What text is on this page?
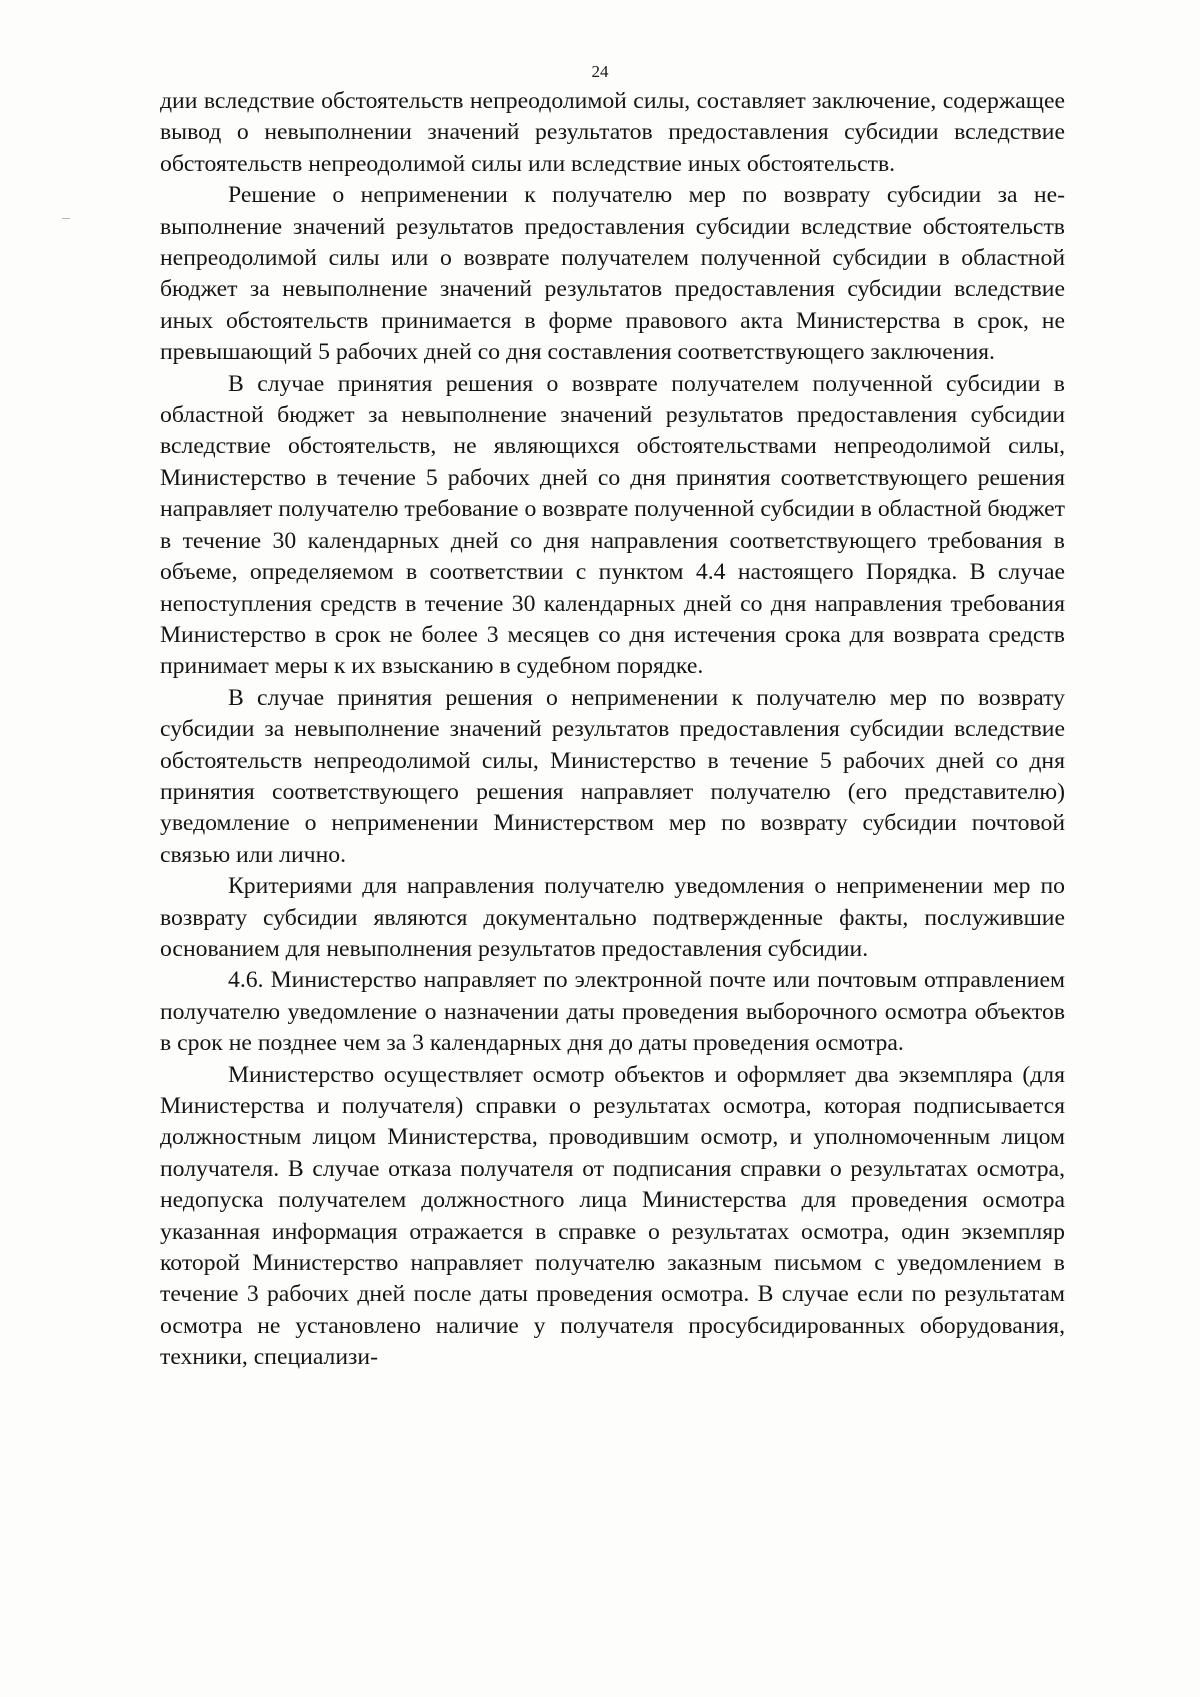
24

дии вследствие обстоятельств непреодолимой силы, составляет заключение, содержащее вывод о невыполнении значений результатов предоставления субсидии вследствие обстоятельств непреодолимой силы или вследствие иных обстоятельств.

Решение о неприменении к получателю мер по возврату субсидии за невыполнение значений результатов предоставления субсидии вследствие обстоятельств непреодолимой силы или о возврате получателем полученной субсидии в областной бюджет за невыполнение значений результатов предоставления субсидии вследствие иных обстоятельств принимается в форме правового акта Министерства в срок, не превышающий 5 рабочих дней со дня составления соответствующего заключения.

В случае принятия решения о возврате получателем полученной субсидии в областной бюджет за невыполнение значений результатов предоставления субсидии вследствие обстоятельств, не являющихся обстоятельствами непреодолимой силы, Министерство в течение 5 рабочих дней со дня принятия соответствующего решения направляет получателю требование о возврате полученной субсидии в областной бюджет в течение 30 календарных дней со дня направления соответствующего требования в объеме, определяемом в соответствии с пунктом 4.4 настоящего Порядка. В случае непоступления средств в течение 30 календарных дней со дня направления требования Министерство в срок не более 3 месяцев со дня истечения срока для возврата средств принимает меры к их взысканию в судебном порядке.

В случае принятия решения о неприменении к получателю мер по возврату субсидии за невыполнение значений результатов предоставления субсидии вследствие обстоятельств непреодолимой силы, Министерство в течение 5 рабочих дней со дня принятия соответствующего решения направляет получателю (его представителю) уведомление о неприменении Министерством мер по возврату субсидии почтовой связью или лично.

Критериями для направления получателю уведомления о неприменении мер по возврату субсидии являются документально подтвержденные факты, послужившие основанием для невыполнения результатов предоставления субсидии.

4.6. Министерство направляет по электронной почте или почтовым отправлением получателю уведомление о назначении даты проведения выборочного осмотра объектов в срок не позднее чем за 3 календарных дня до даты проведения осмотра.

Министерство осуществляет осмотр объектов и оформляет два экземпляра (для Министерства и получателя) справки о результатах осмотра, которая подписывается должностным лицом Министерства, проводившим осмотр, и уполномоченным лицом получателя. В случае отказа получателя от подписания справки о результатах осмотра, недопуска получателем должностного лица Министерства для проведения осмотра указанная информация отражается в справке о результатах осмотра, один экземпляр которой Министерство направляет получателю заказным письмом с уведомлением в течение 3 рабочих дней после даты проведения осмотра. В случае если по результатам осмотра не установлено наличие у получателя просубсидированных оборудования, техники, специализи-
